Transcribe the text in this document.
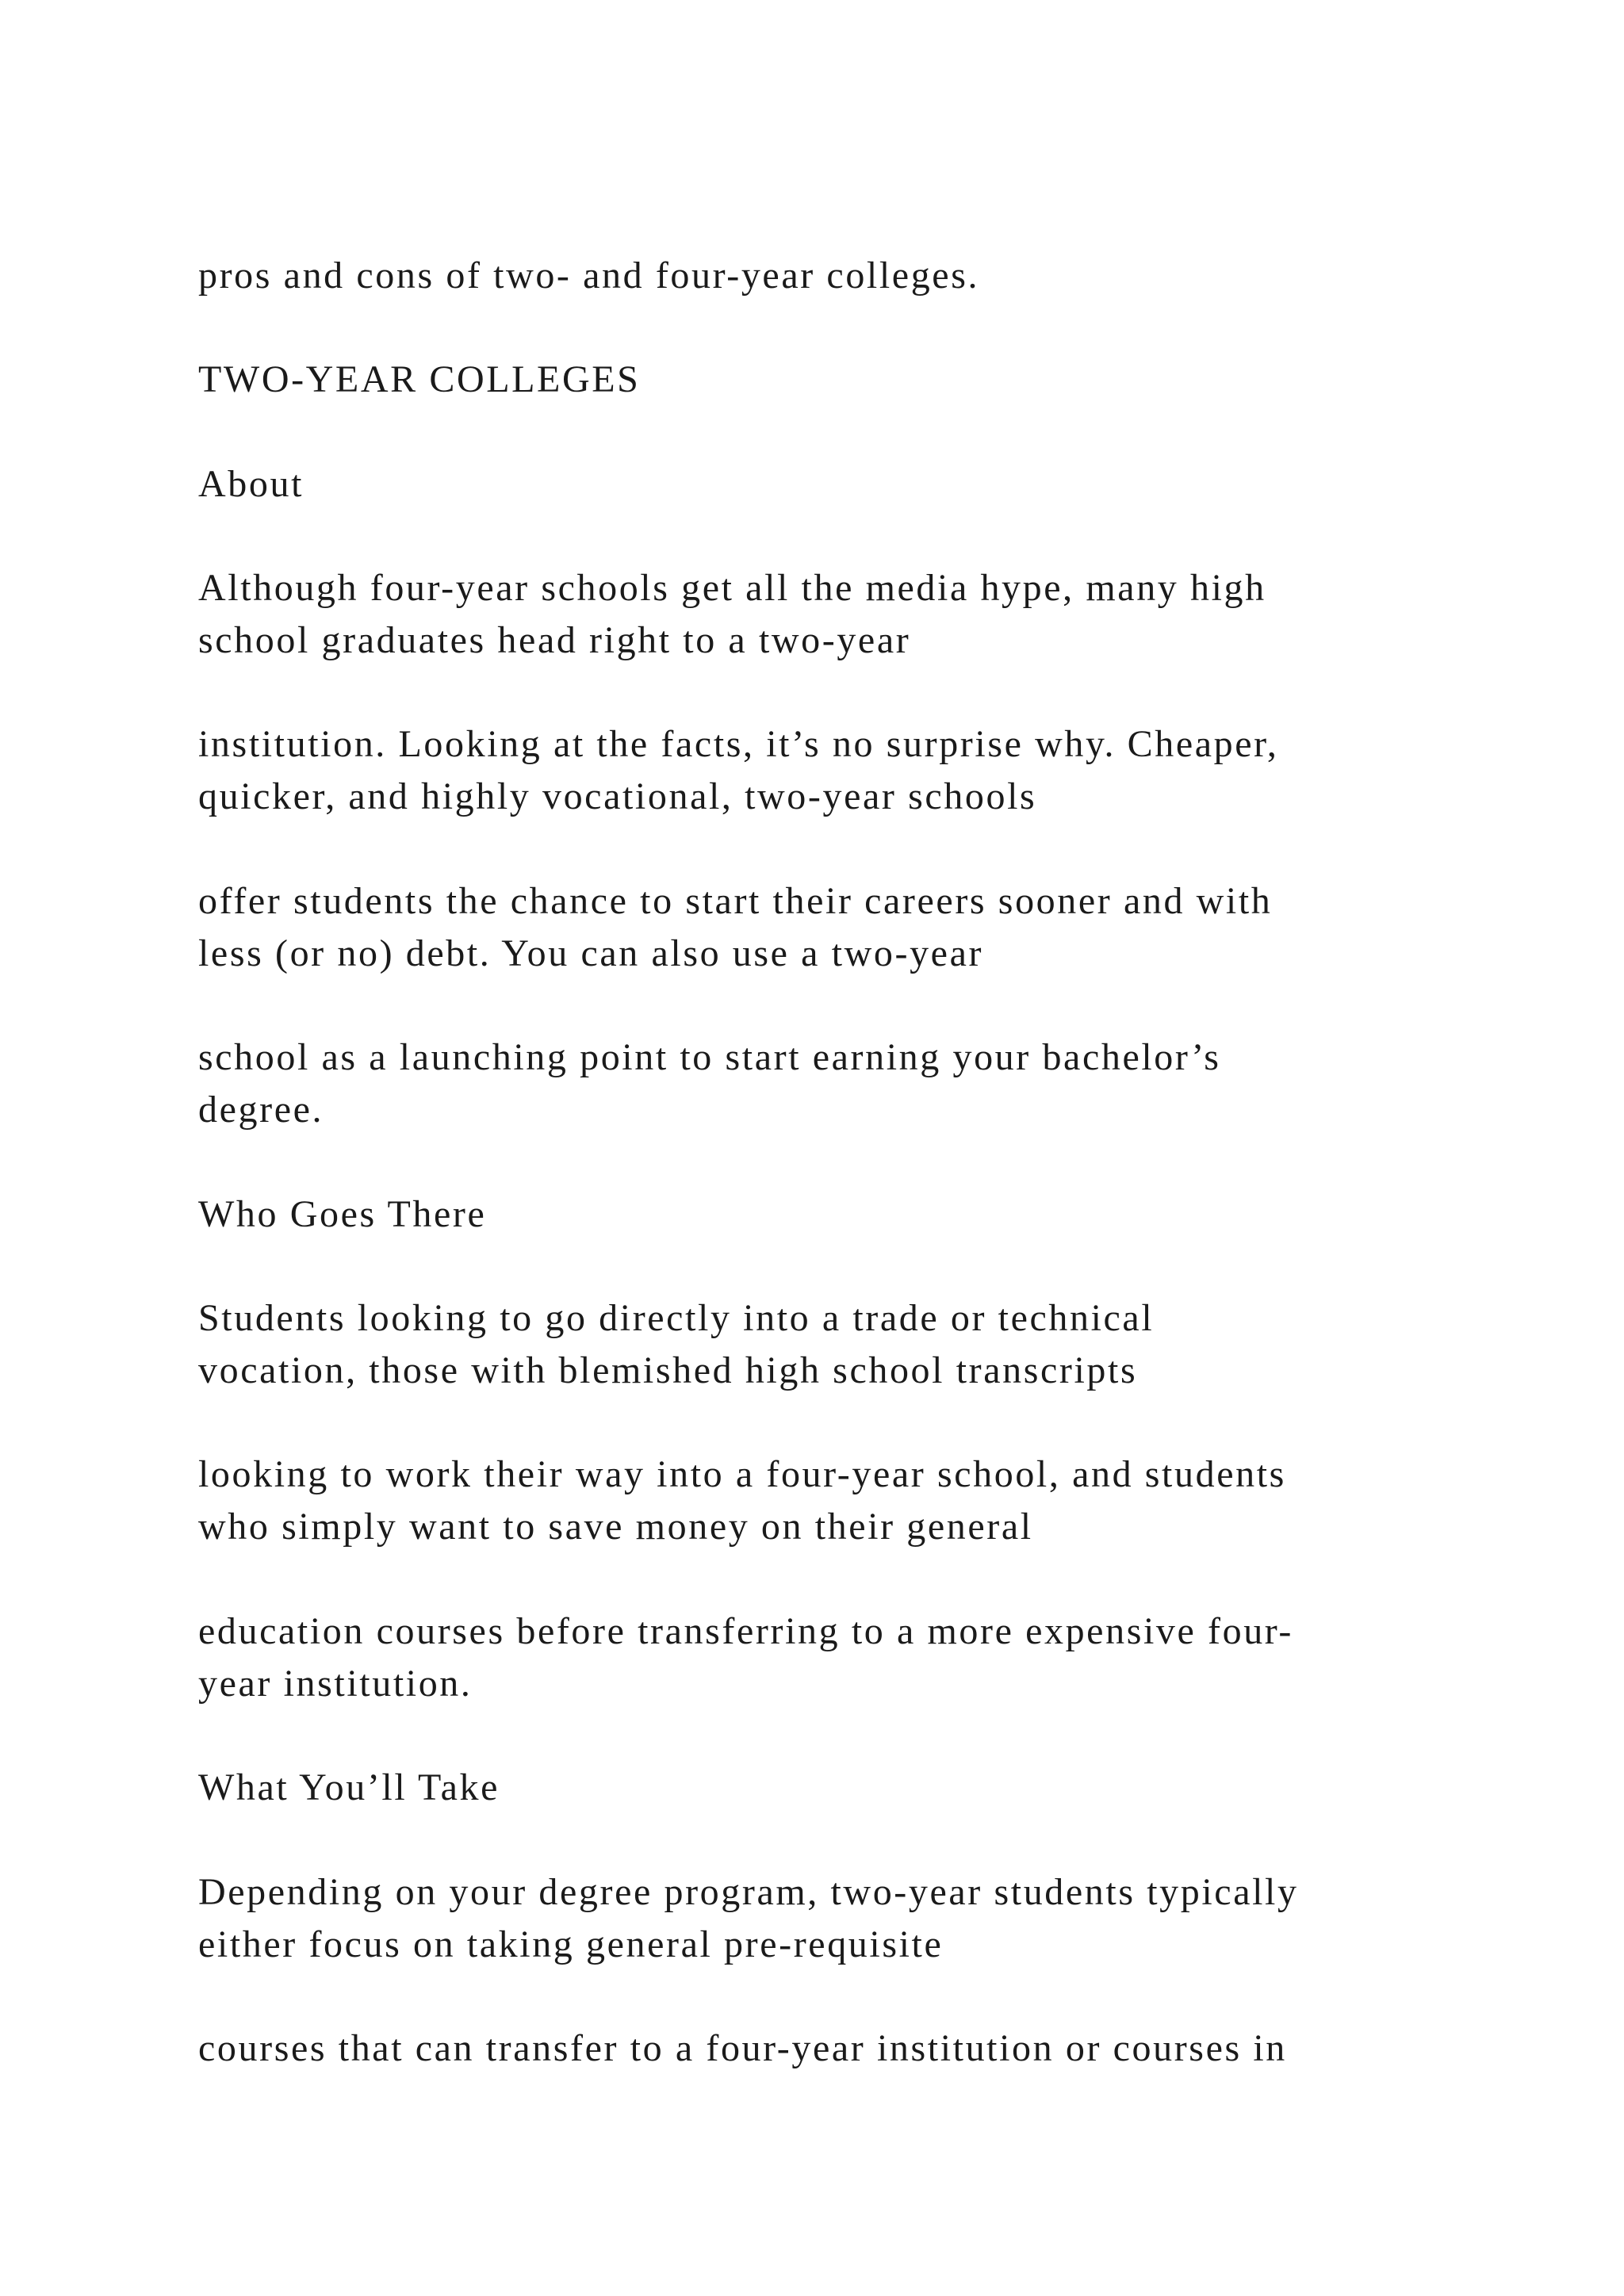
pros and cons of two- and four-year colleges.

TWO-YEAR COLLEGES

About

Although four-year schools get all the media hype, many high

school graduates head right to a two-year

institution. Looking at the facts, it’s no surprise why. Cheaper,

quicker, and highly vocational, two-year schools

offer students the chance to start their careers sooner and with

less (or no) debt. You can also use a two-year

school as a launching point to start earning your bachelor’s

degree.

Who Goes There

Students looking to go directly into a trade or technical

vocation, those with blemished high school transcripts

looking to work their way into a four-year school, and students

who simply want to save money on their general

education courses before transferring to a more expensive four-

year institution.

What You’ll Take

Depending on your degree program, two-year students typically

either focus on taking general pre-requisite

courses that can transfer to a four-year institution or courses in
